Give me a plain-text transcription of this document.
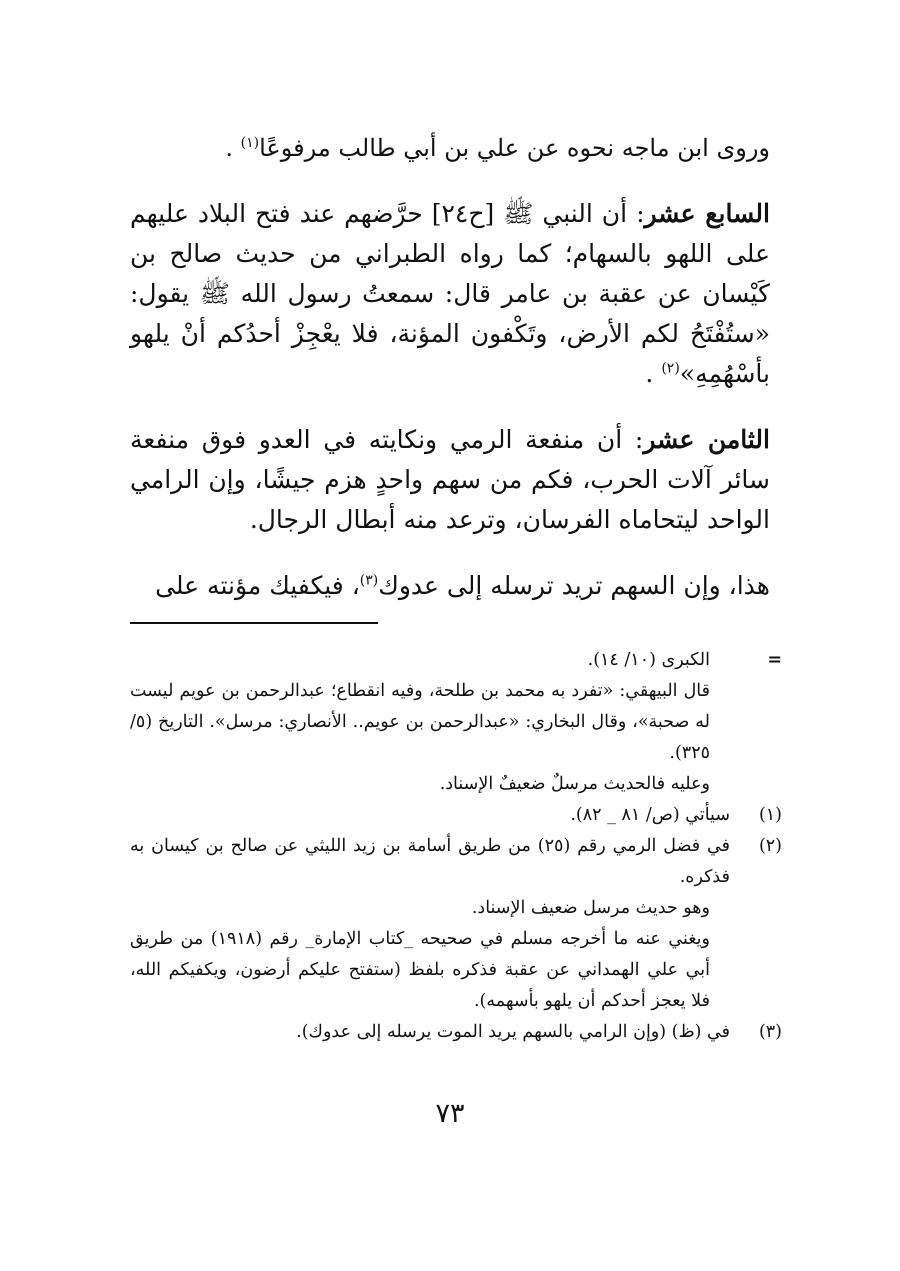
وروى ابن ماجه نحوه عن علي بن أبي طالب مرفوعًا$^{(١)}$ .

السابع عشر: أن النبي ﷺ [ح٢٤] حرَّضهم عند فتح البلاد عليهم على اللهو بالسهام؛ كما رواه الطبراني من حديث صالح بن كَيْسان عن عقبة بن عامر قال: سمعتُ رسول الله ﷺ يقول: «ستُفْتَحُ لكم الأرض، وتَكْفون المؤنة، فلا يعْجِزْ أحدُكم أنْ يلهو بأسْهُمِهِ»$^{(٢)}$ .

الثامن عشر: أن منفعة الرمي ونكايته في العدو فوق منفعة سائر آلات الحرب، فكم من سهم واحدٍ هزم جيشًا، وإن الرامي الواحد ليتحاماه الفرسان، وترعد منه أبطال الرجال.

هذا، وإن السهم تريد ترسله إلى عدوك$^{(٣)}$، فيكفيك مؤنته على

=
الكبرى (١٠/ ١٤).
قال البيهقي: «تفرد به محمد بن طلحة، وفيه انقطاع؛ عبدالرحمن بن عويم ليست له صحبة»، وقال البخاري: «عبدالرحمن بن عويم.. الأنصاري: مرسل». التاريخ (٥/ ٣٢٥).
وعليه فالحديث مرسلٌ ضعيفٌ الإسناد.
(١)
سيأتي (ص/ ٨١ _ ٨٢).
(٢)
في فضل الرمي رقم (٢٥) من طريق أسامة بن زيد الليثي عن صالح بن كيسان به فذكره.
وهو حديث مرسل ضعيف الإسناد.
ويغني عنه ما أخرجه مسلم في صحيحه _كتاب الإمارة_ رقم (١٩١٨) من طريق أبي علي الهمداني عن عقبة فذكره بلفظ (ستفتح عليكم أرضون، ويكفيكم الله، فلا يعجز أحدكم أن يلهو بأسهمه).
(٣)
في (ظ) (وإن الرامي بالسهم يريد الموت يرسله إلى عدوك).
٧٣
